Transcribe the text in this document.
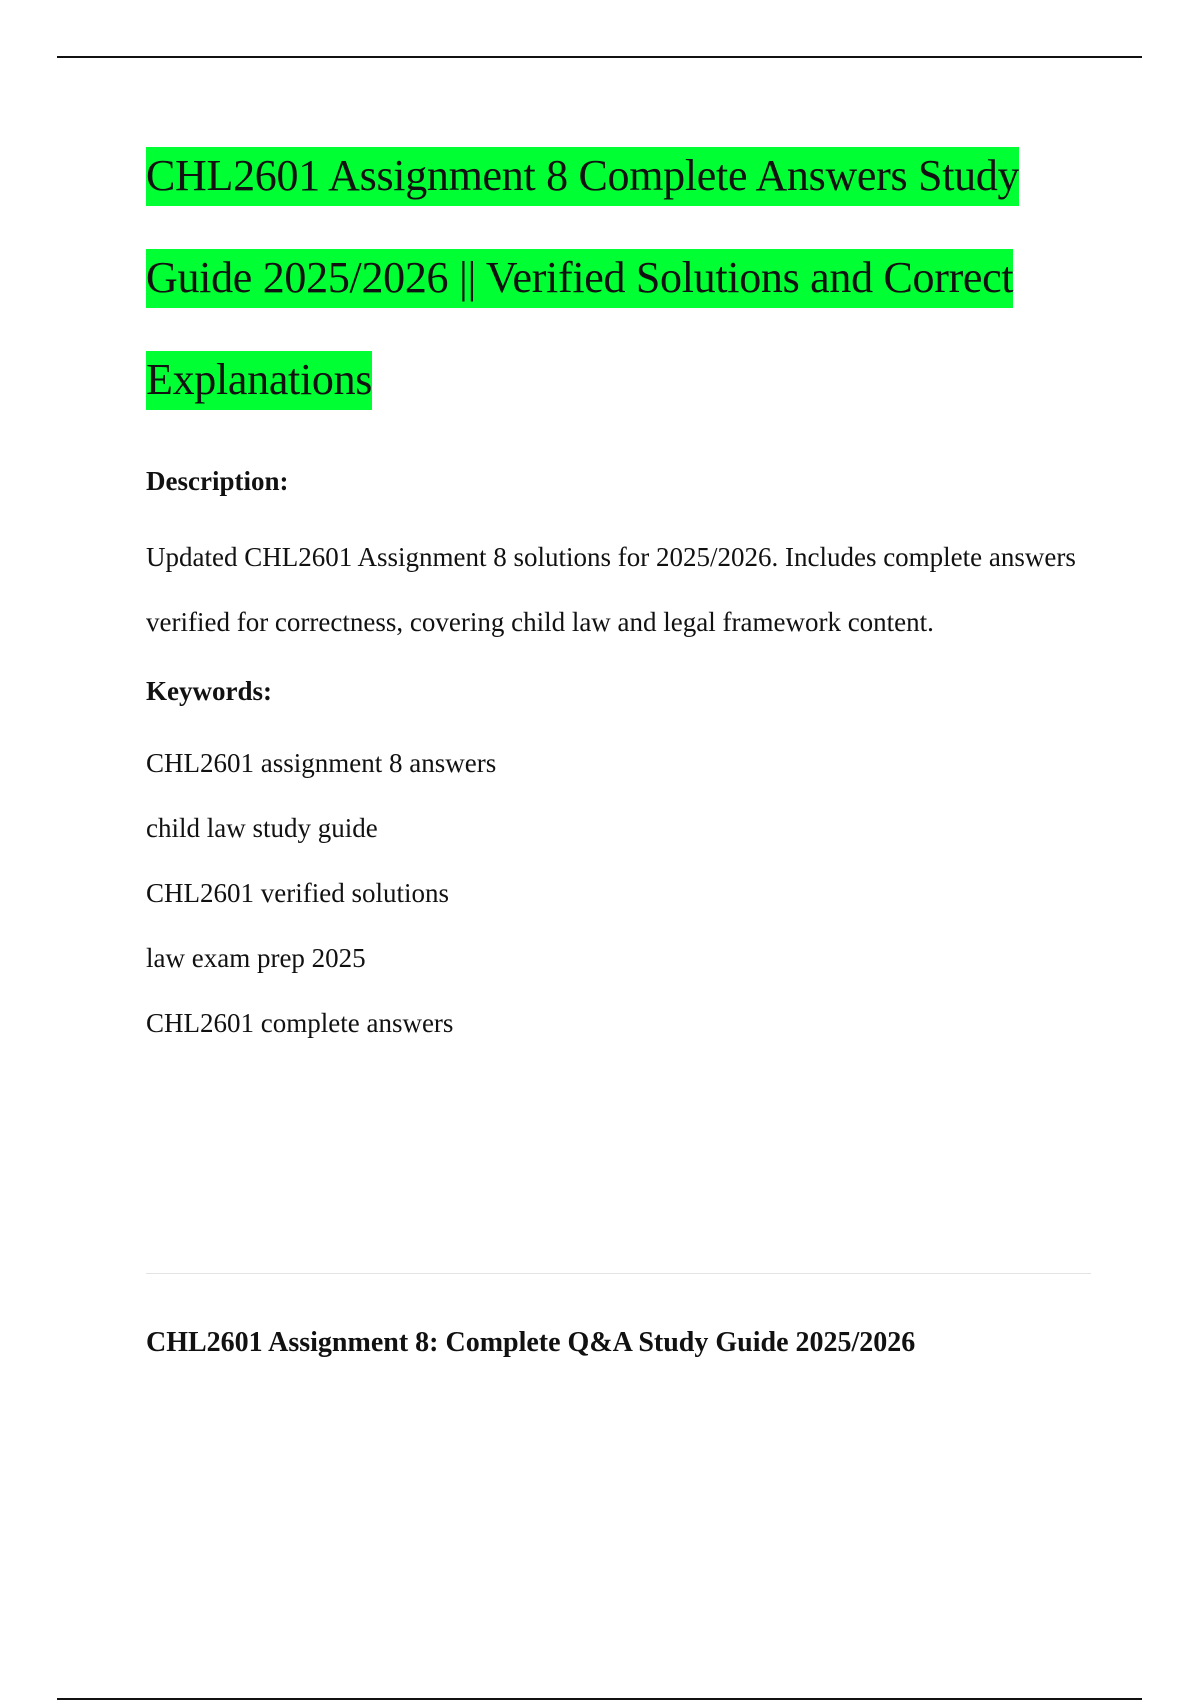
CHL2601 Assignment 8 Complete Answers Study
Guide 2025/2026 || Verified Solutions and Correct
Explanations

Description:

Updated CHL2601 Assignment 8 solutions for 2025/2026. Includes complete answers verified for correctness, covering child law and legal framework content.

Keywords:

CHL2601 assignment 8 answers
child law study guide
CHL2601 verified solutions
law exam prep 2025
CHL2601 complete answers
CHL2601 Assignment 8: Complete Q&A Study Guide 2025/2026
